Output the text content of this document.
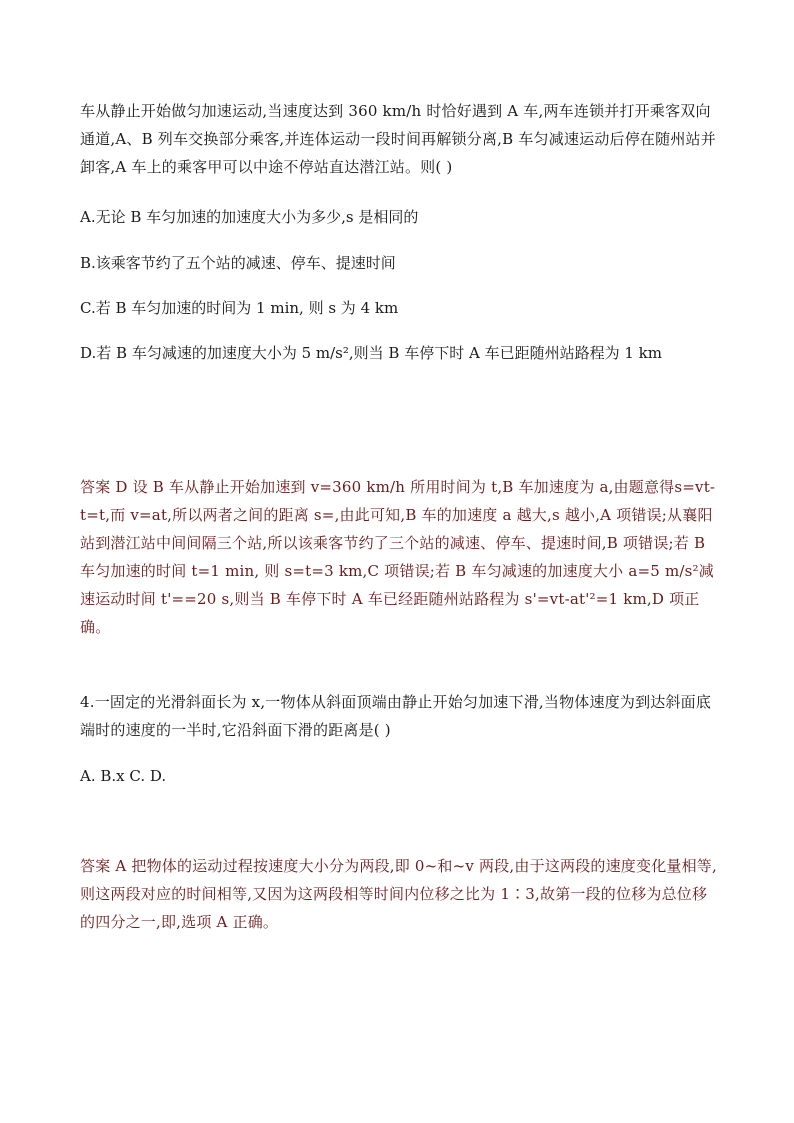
车从静止开始做匀加速运动,当速度达到 360 km/h 时恰好遇到 A 车,两车连锁并打开乘客双向通道,A、B 列车交换部分乘客,并连体运动一段时间再解锁分离,B 车匀减速运动后停在随州站并卸客,A 车上的乘客甲可以中途不停站直达潜江站。则( )

A.无论 B 车匀加速的加速度大小为多少,s 是相同的

B.该乘客节约了五个站的减速、停车、提速时间

C.若 B 车匀加速的时间为 1 min, 则 s 为 4 km

D.若 B 车匀减速的加速度大小为 5 m/s²,则当 B 车停下时 A 车已距随州站路程为 1 km

答案 D 设 B 车从静止开始加速到 v=360 km/h 所用时间为 t,B 车加速度为 a,由题意得s=vt-t=t,而 v=at,所以两者之间的距离 s=,由此可知,B 车的加速度 a 越大,s 越小,A 项错误;从襄阳站到潜江站中间间隔三个站,所以该乘客节约了三个站的减速、停车、提速时间,B 项错误;若 B 车匀加速的时间 t=1 min, 则 s=t=3 km,C 项错误;若 B 车匀减速的加速度大小 a=5 m/s²减速运动时间 t'==20 s,则当 B 车停下时 A 车已经距随州站路程为 s'=vt-at'²=1 km,D 项正确。

4.一固定的光滑斜面长为 x,一物体从斜面顶端由静止开始匀加速下滑,当物体速度为到达斜面底端时的速度的一半时,它沿斜面下滑的距离是( )

A. B.x C. D.

答案 A 把物体的运动过程按速度大小分为两段,即 0~和~v 两段,由于这两段的速度变化量相等,则这两段对应的时间相等,又因为这两段相等时间内位移之比为 1∶3,故第一段的位移为总位移的四分之一,即,选项 A 正确。
